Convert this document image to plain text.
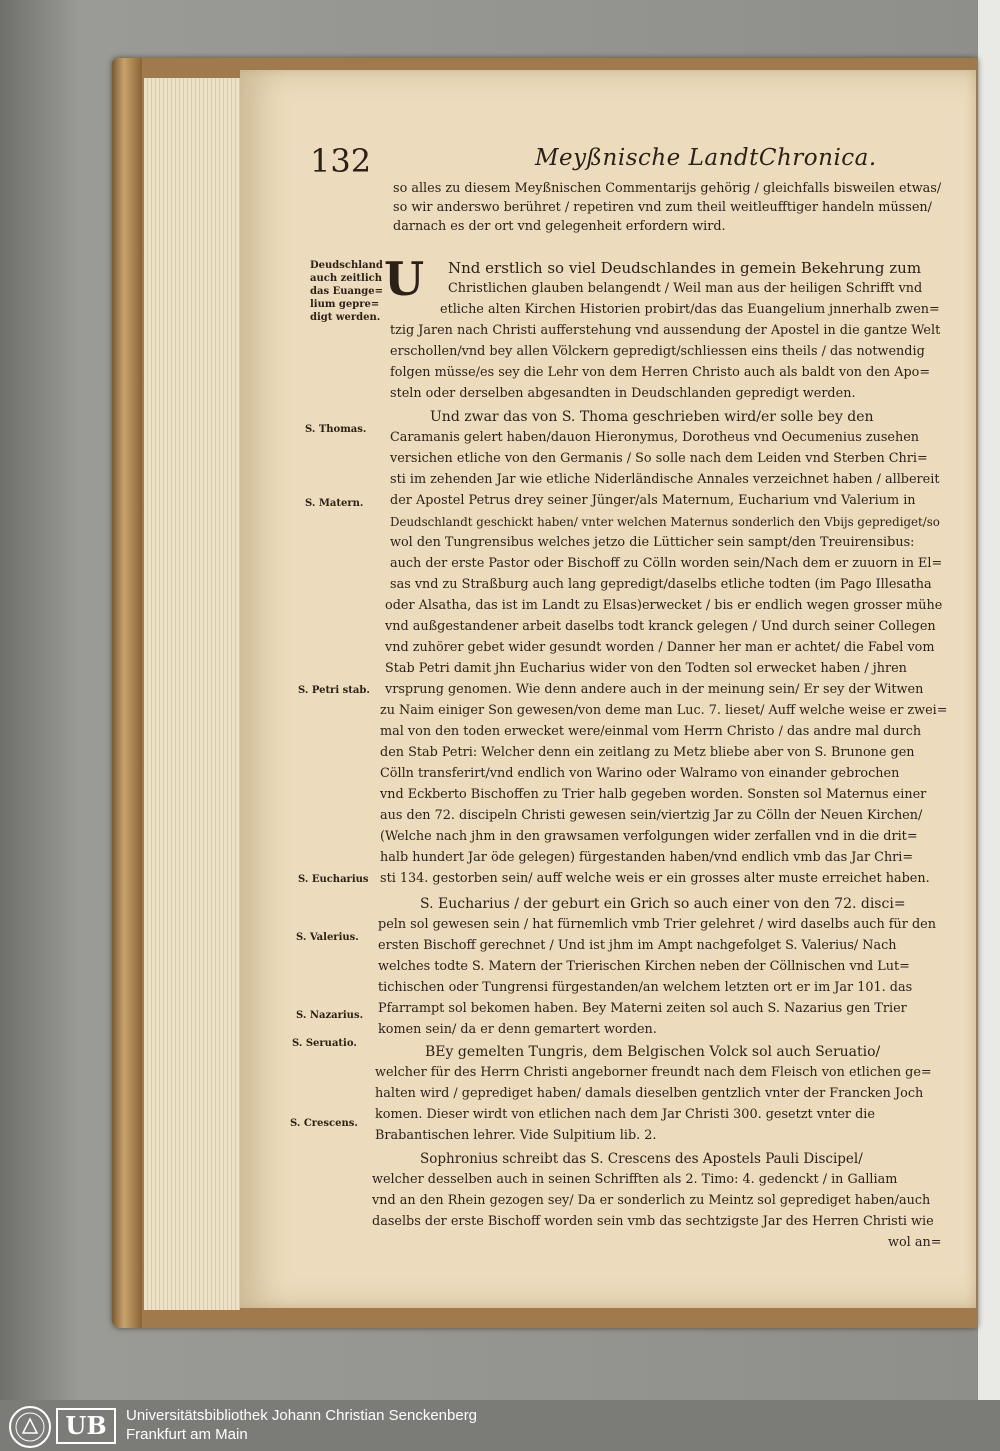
132	Meyßnische LandtChronica.
U
so alles zu diesem Meyßnischen Commentarijs gehörig / gleichfalls bisweilen etwas/
so wir anderswo berühret / repetiren vnd zum theil weitleufftiger handeln müssen/
darnach es der ort vnd gelegenheit erfordern wird.
Nnd erstlich so viel Deudschlandes in gemein Bekehrung zum
Christlichen glauben belangendt / Weil man aus der heiligen Schrifft vnd
etliche alten Kirchen Historien probirt/das das Euangelium jnnerhalb zwen=
tzig Jaren nach Christi aufferstehung vnd aussendung der Apostel in die gantze Welt
erschollen/vnd bey allen Völckern gepredigt/schliessen eins theils / das notwendig
folgen müsse/es sey die Lehr von dem Herren Christo auch als baldt von den Apo=
steln oder derselben abgesandten in Deudschlanden gepredigt werden.
Und zwar das von S. Thoma geschrieben wird/er solle bey den
Caramanis gelert haben/dauon Hieronymus, Dorotheus vnd Oecumenius zusehen
versichen etliche von den Germanis / So solle nach dem Leiden vnd Sterben Chri=
sti im zehenden Jar wie etliche Niderländische Annales verzeichnet haben / allbereit
der Apostel Petrus drey seiner Jünger/als Maternum, Eucharium vnd Valerium in
Deudschlandt geschickt haben/ vnter welchen Maternus sonderlich den Vbijs geprediget/so
wol den Tungrensibus welches jetzo die Lütticher sein sampt/den Treuirensibus:
auch der erste Pastor oder Bischoff zu Cölln worden sein/Nach dem er zuuorn in El=
sas vnd zu Straßburg auch lang gepredigt/daselbs etliche todten (im Pago Illesatha
oder Alsatha, das ist im Landt zu Elsas)erwecket / bis er endlich wegen grosser mühe
vnd außgestandener arbeit daselbs todt kranck gelegen / Und durch seiner Collegen
vnd zuhörer gebet wider gesundt worden / Danner her man er achtet/ die Fabel vom
Stab Petri damit jhn Eucharius wider von den Todten sol erwecket haben / jhren
vrsprung genomen. Wie denn andere auch in der meinung sein/ Er sey der Witwen
zu Naim einiger Son gewesen/von deme man Luc. 7. lieset/ Auff welche weise er zwei=
mal von den toden erwecket were/einmal vom Herrn Christo / das andre mal durch
den Stab Petri: Welcher denn ein zeitlang zu Metz bliebe aber von S. Brunone gen
Cölln transferirt/vnd endlich von Warino oder Walramo von einander gebrochen
vnd Eckberto Bischoffen zu Trier halb gegeben worden. Sonsten sol Maternus einer
aus den 72. discipeln Christi gewesen sein/viertzig Jar zu Cölln der Neuen Kirchen/
(Welche nach jhm in den grawsamen verfolgungen wider zerfallen vnd in die drit=
halb hundert Jar öde gelegen) fürgestanden haben/vnd endlich vmb das Jar Chri=
sti 134. gestorben sein/ auff welche weis er ein grosses alter muste erreichet haben.
S. Eucharius / der geburt ein Grich so auch einer von den 72. disci=
peln sol gewesen sein / hat fürnemlich vmb Trier gelehret / wird daselbs auch für den
ersten Bischoff gerechnet / Und ist jhm im Ampt nachgefolget S. Valerius/ Nach
welches todte S. Matern der Trierischen Kirchen neben der Cöllnischen vnd Lut=
tichischen oder Tungrensi fürgestanden/an welchem letzten ort er im Jar 101. das
Pfarrampt sol bekomen haben. Bey Materni zeiten sol auch S. Nazarius gen Trier
komen sein/ da er denn gemartert worden.
BEy gemelten Tungris, dem Belgischen Volck sol auch Seruatio/
welcher für des Herrn Christi angeborner freundt nach dem Fleisch von etlichen ge=
halten wird / geprediget haben/ damals dieselben gentzlich vnter der Francken Joch
komen. Dieser wirdt von etlichen nach dem Jar Christi 300. gesetzt vnter die
Brabantischen lehrer. Vide Sulpitium lib. 2.
Sophronius schreibt das S. Crescens des Apostels Pauli Discipel/
welcher desselben auch in seinen Schrifften als 2. Timo: 4. gedenckt / in Galliam
vnd an den Rhein gezogen sey/ Da er sonderlich zu Meintz sol geprediget haben/auch
daselbs der erste Bischoff worden sein vmb das sechtzigste Jar des Herren Christi wie
wol an=
Deudschland
auch zeitlich
das Euange=
lium gepre=
digt werden.
S. Thomas.
S. Matern.
S. Petri stab.
S. Eucharius
S. Valerius.
S. Nazarius.
S. Seruatio.
S. Crescens.
UB	Universitätsbibliothek Johann Christian Senckenberg
Frankfurt am Main
